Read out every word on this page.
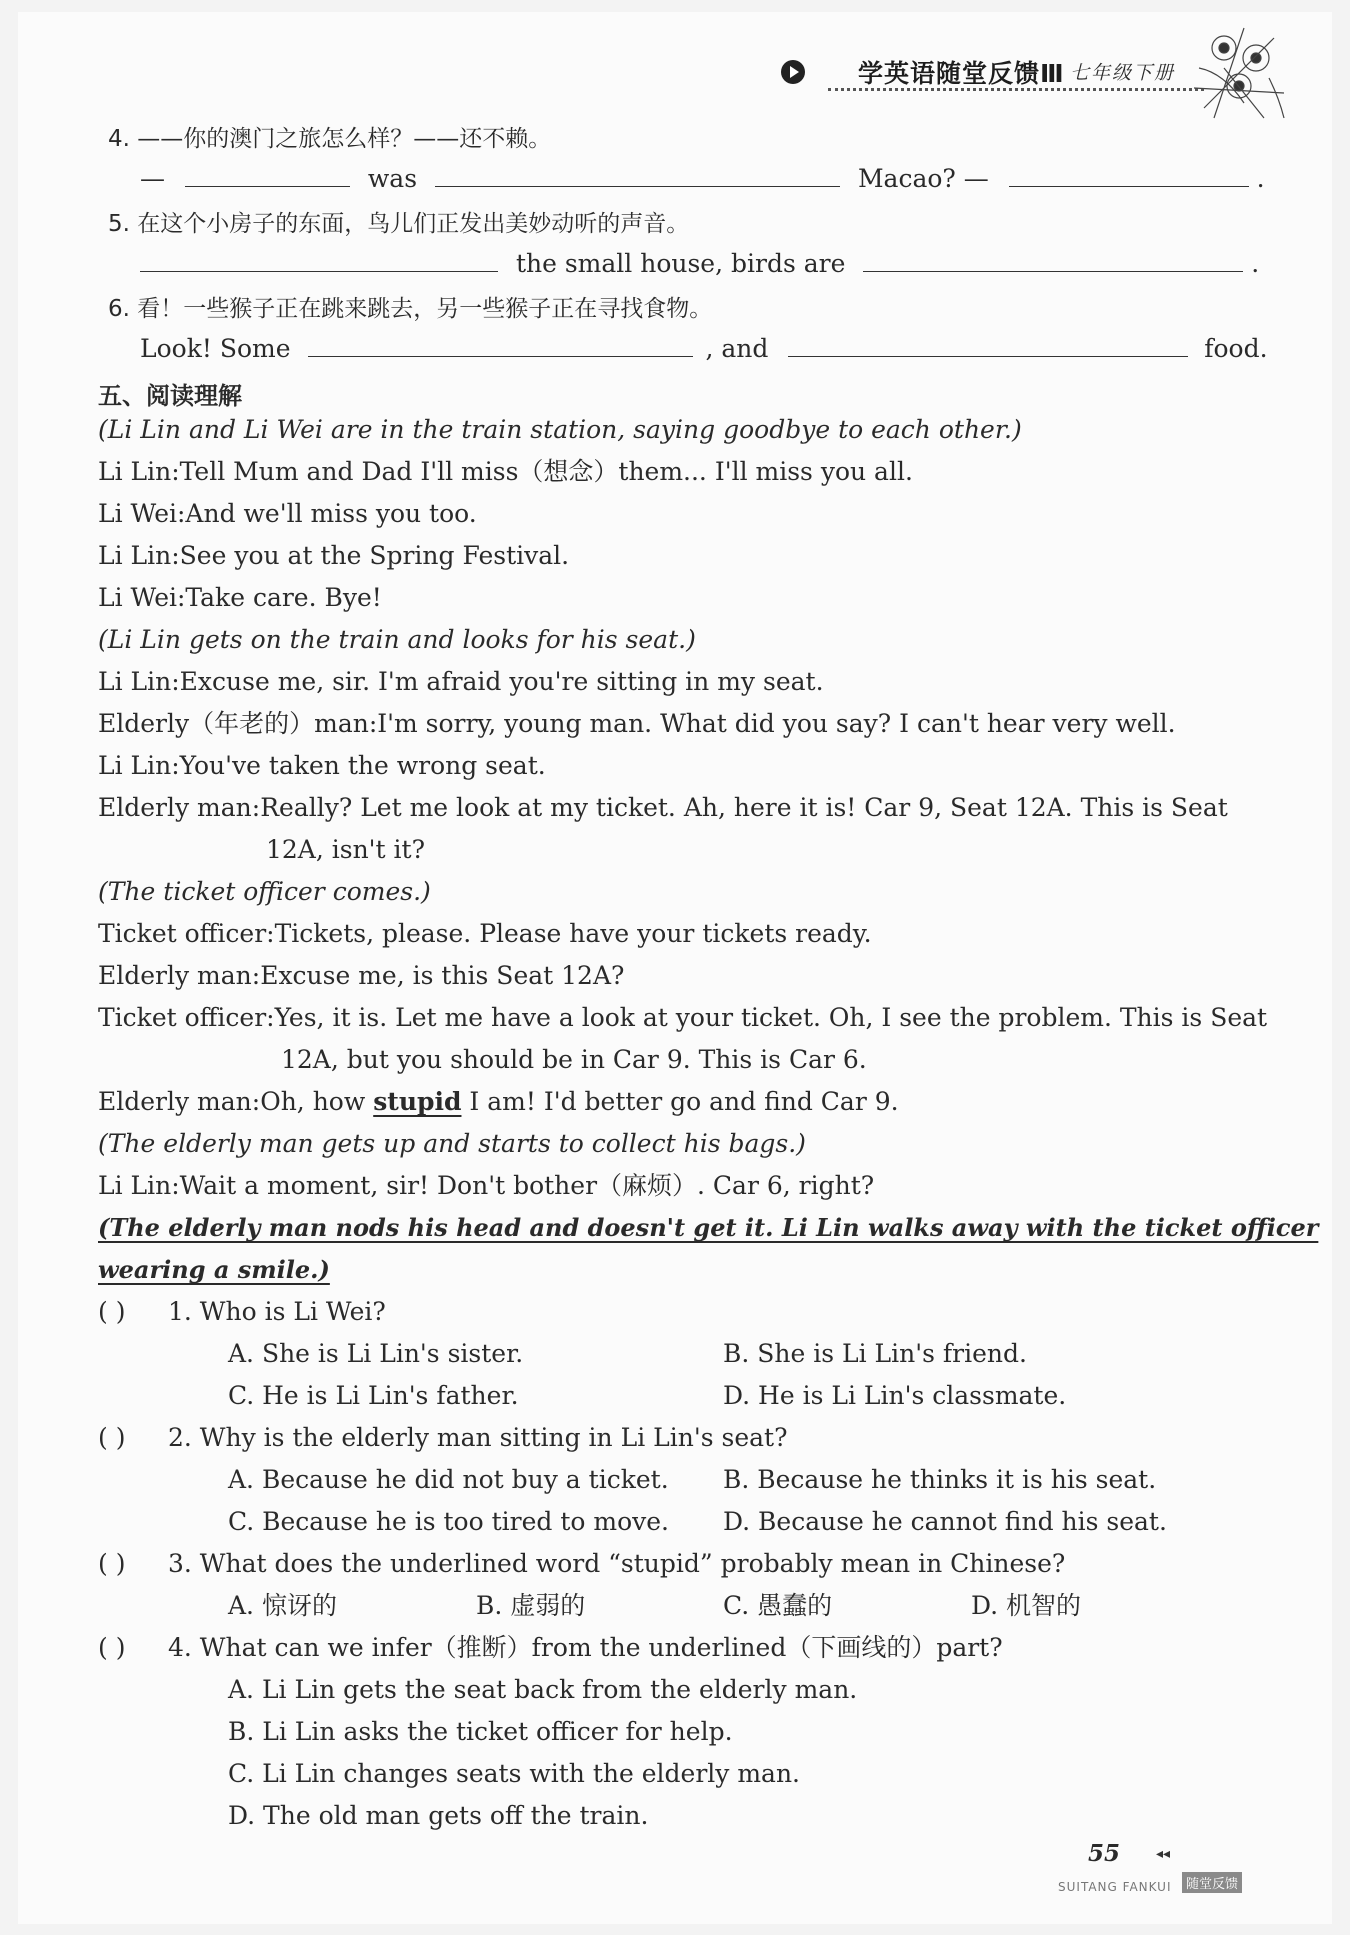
学英语随堂反馈Ⅲ 七年级下册
4. ——你的澳门之旅怎么样？——还不赖。
—	was	Macao? —	.
5. 在这个小房子的东面，鸟儿们正发出美妙动听的声音。
the small house, birds are	.
6. 看！一些猴子正在跳来跳去，另一些猴子正在寻找食物。
Look! Some	, and	food.
五、阅读理解
(Li Lin and Li Wei are in the train station, saying goodbye to each other.)
Li Lin:Tell Mum and Dad I'll miss（想念）them... I'll miss you all.
Li Wei:And we'll miss you too.
Li Lin:See you at the Spring Festival.
Li Wei:Take care. Bye!
(Li Lin gets on the train and looks for his seat.)
Li Lin:Excuse me, sir. I'm afraid you're sitting in my seat.
Elderly（年老的）man:I'm sorry, young man. What did you say? I can't hear very well.
Li Lin:You've taken the wrong seat.
Elderly man:Really? Let me look at my ticket. Ah, here it is! Car 9, Seat 12A. This is Seat
12A, isn't it?
(The ticket officer comes.)
Ticket officer:Tickets, please. Please have your tickets ready.
Elderly man:Excuse me, is this Seat 12A?
Ticket officer:Yes, it is. Let me have a look at your ticket. Oh, I see the problem. This is Seat
12A, but you should be in Car 9. This is Car 6.
Elderly man:Oh, how stupid I am! I'd better go and find Car 9.
(The elderly man gets up and starts to collect his bags.)
Li Lin:Wait a moment, sir! Don't bother（麻烦）. Car 6, right?
(The elderly man nods his head and doesn't get it. Li Lin walks away with the ticket officer
wearing a smile.)
( ) 1. Who is Li Wei?
A. She is Li Lin's sister.	B. She is Li Lin's friend.
C. He is Li Lin's father.	D. He is Li Lin's classmate.
( ) 2. Why is the elderly man sitting in Li Lin's seat?
A. Because he did not buy a ticket. B. Because he thinks it is his seat.
C. Because he is too tired to move. D. Because he cannot find his seat.
( ) 3. What does the underlined word “stupid” probably mean in Chinese?
A. 惊讶的	B. 虚弱的	C. 愚蠢的	D. 机智的
( ) 4. What can we infer（推断）from the underlined（下画线的）part?
A. Li Lin gets the seat back from the elderly man.
B. Li Lin asks the ticket officer for help.
C. Li Lin changes seats with the elderly man.
D. The old man gets off the train.
55	◂◂
SUITANG FANKUI	随堂反馈
